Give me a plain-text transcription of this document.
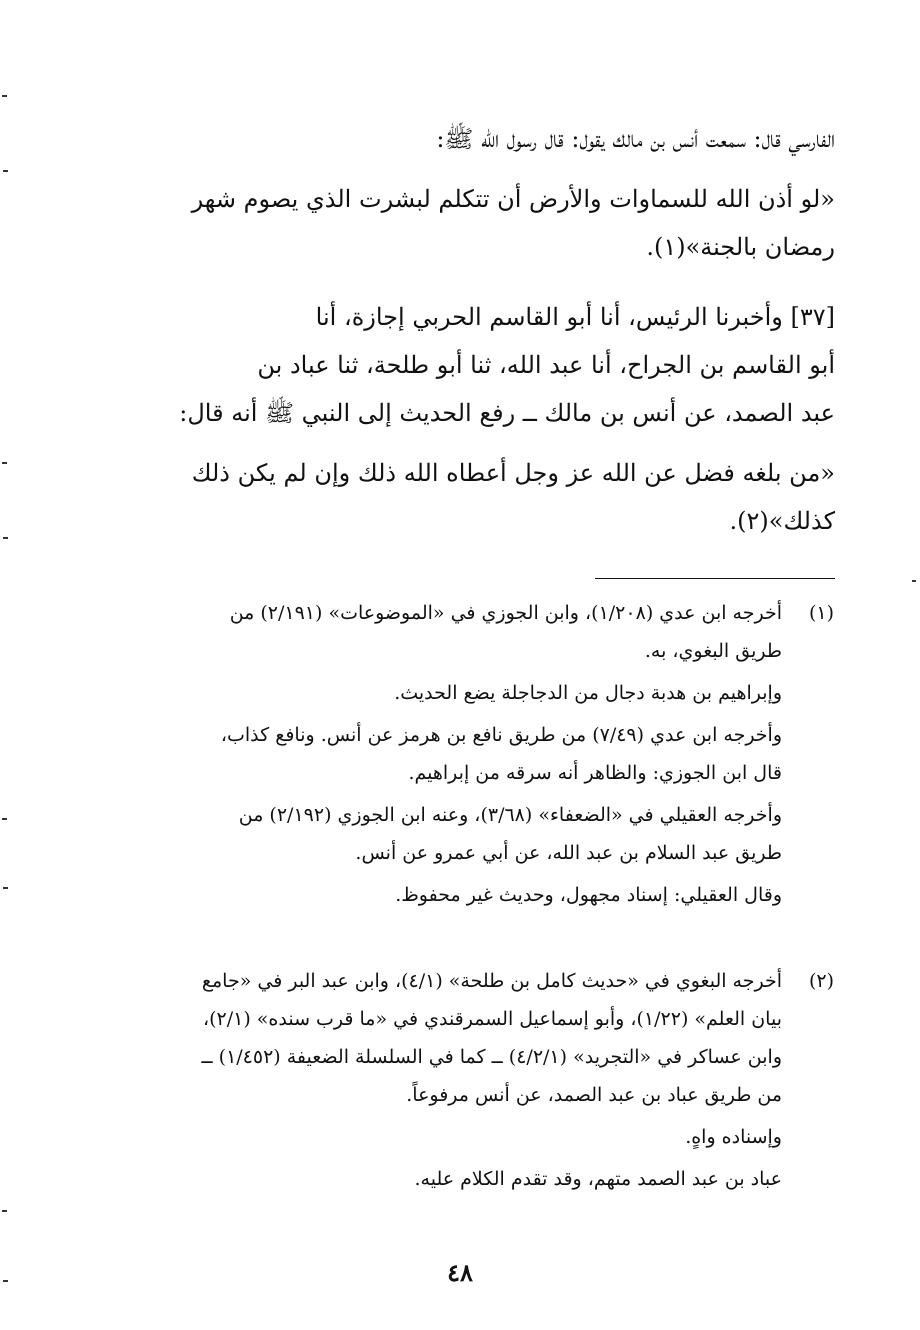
الفارسي قال: سمعت أنس بن مالك يقول: قال رسول الله ﷺ:
«لو أذن الله للسماوات والأرض أن تتكلم لبشرت الذي يصوم شهر
رمضان بالجنة»(١).
[٣٧] وأخبرنا الرئيس، أنا أبو القاسم الحربي إجازة، أنا
أبو القاسم بن الجراح، أنا عبد الله، ثنا أبو طلحة، ثنا عباد بن
عبد الصمد، عن أنس بن مالك ــ رفع الحديث إلى النبي ﷺ أنه قال:
«من بلغه فضل عن الله عز وجل أعطاه الله ذلك وإن لم يكن ذلك
كذلك»(٢).
(١)
أخرجه ابن عدي (١/٢٠٨)، وابن الجوزي في «الموضوعات» (٢/١٩١) من
طريق البغوي، به.
وإبراهيم بن هدبة دجال من الدجاجلة يضع الحديث.
وأخرجه ابن عدي (٧/٤٩) من طريق نافع بن هرمز عن أنس. ونافع كذاب،
قال ابن الجوزي: والظاهر أنه سرقه من إبراهيم.
وأخرجه العقيلي في «الضعفاء» (٣/٦٨)، وعنه ابن الجوزي (٢/١٩٢) من
طريق عبد السلام بن عبد الله، عن أبي عمرو عن أنس.
وقال العقيلي: إسناد مجهول، وحديث غير محفوظ.
(٢)
أخرجه البغوي في «حديث كامل بن طلحة» (٤/١)، وابن عبد البر في «جامع
بيان العلم» (١/٢٢)، وأبو إسماعيل السمرقندي في «ما قرب سنده» (٢/١)،
وابن عساكر في «التجريد» (٤/٢/١) ــ كما في السلسلة الضعيفة (١/٤٥٢) ــ
من طريق عباد بن عبد الصمد، عن أنس مرفوعاً.
وإسناده واهٍ.
عباد بن عبد الصمد متهم، وقد تقدم الكلام عليه.
٤٨
